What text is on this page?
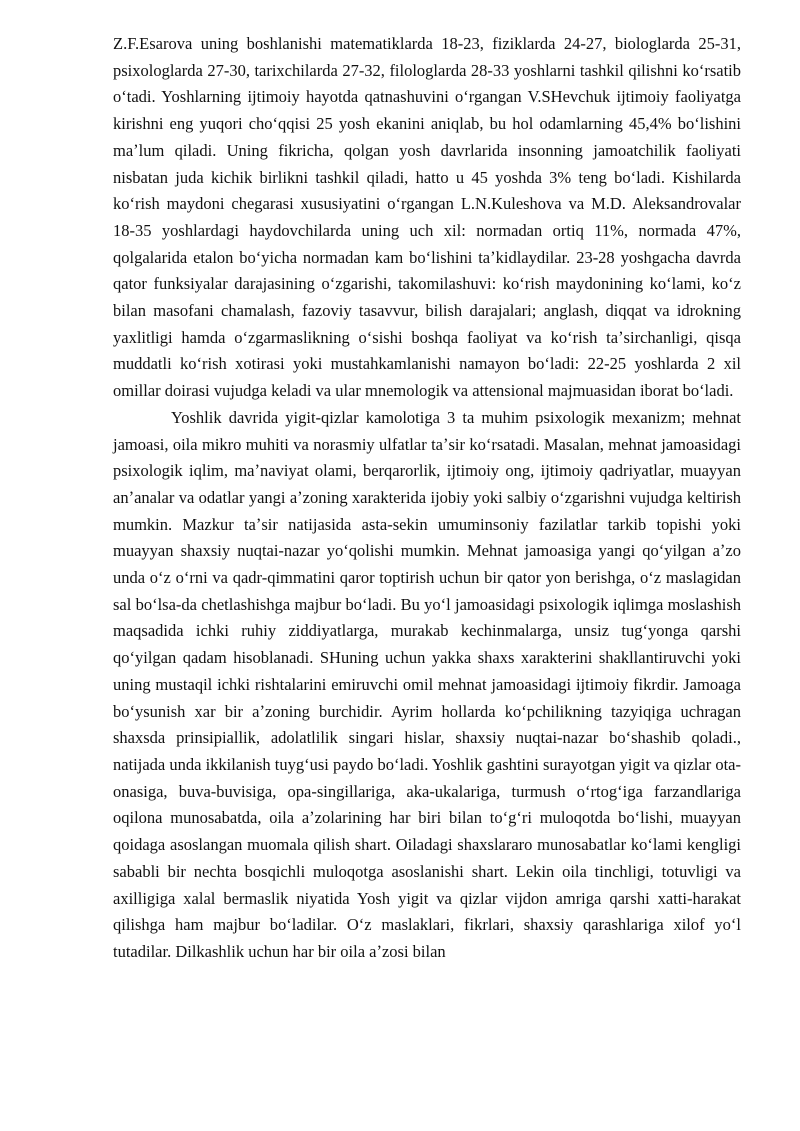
Z.F.Esarova uning boshlanishi matematiklarda 18-23, fiziklarda 24-27, biologlarda 25-31, psixologlarda 27-30, tarixchilarda 27-32, filologlarda 28-33 yoshlarni tashkil qilishni koʻrsatib oʻtadi. Yoshlarning ijtimoiy hayotda qatnashuvini oʻrgangan V.SHevchuk ijtimoiy faoliyatga kirishni eng yuqori choʻqqisi 25 yosh ekanini aniqlab, bu hol odamlarning 45,4% boʻlishini maʼlum qiladi. Uning fikricha, qolgan yosh davrlarida insonning jamoatchilik faoliyati nisbatan juda kichik birlikni tashkil qiladi, hatto u 45 yoshda 3% teng boʻladi. Kishilarda koʻrish maydoni chegarasi xususiyatini oʻrgangan L.N.Kuleshova va M.D. Aleksandrovalar 18-35 yoshlardagi haydovchilarda uning uch xil: normadan ortiq 11%, normada 47%, qolgalarida etalon boʻyicha normadan kam boʻlishini taʼkidlaydilar. 23-28 yoshgacha davrda qator funksiyalar darajasining oʻzgarishi, takomilashuvi: koʻrish maydonining koʻlami, koʻz bilan masofani chamalash, fazoviy tasavvur, bilish darajalari; anglash, diqqat va idrokning yaxlitligi hamda oʻzgarmaslikning oʻsishi boshqa faoliyat va koʻrish taʼsirchanligi, qisqa muddatli koʻrish xotirasi yoki mustahkamlanishi namayon boʻladi: 22-25 yoshlarda 2 xil omillar doirasi vujudga keladi va ular mnemologik va attensional majmuasidan iborat boʻladi.

Yoshlik davrida yigit-qizlar kamolotiga 3 ta muhim psixologik mexanizm; mehnat jamoasi, oila mikro muhiti va norasmiy ulfatlar taʼsir koʻrsatadi. Masalan, mehnat jamoasidagi psixologik iqlim, maʼnaviyat olami, berqarorlik, ijtimoiy ong, ijtimoiy qadriyatlar, muayyan anʼanalar va odatlar yangi aʼzoning xarakterida ijobiy yoki salbiy oʻzgarishni vujudga keltirish mumkin. Mazkur taʼsir natijasida asta-sekin umuminsoniy fazilatlar tarkib topishi yoki muayyan shaxsiy nuqtai-nazar yoʻqolishi mumkin. Mehnat jamoasiga yangi qoʻyilgan aʼzo unda oʻz oʻrni va qadr-qimmatini qaror toptirish uchun bir qator yon berishga, oʻz maslagidan sal boʻlsa-da chetlashishga majbur boʻladi. Bu yoʻl jamoasidagi psixologik iqlimga moslashish maqsadida ichki ruhiy ziddiyatlarga, murakab kechinmalarga, unsiz tugʻyonga qarshi qoʻyilgan qadam hisoblanadi. SHuning uchun yakka shaxs xarakterini shakllantiruvchi yoki uning mustaqil ichki rishtalarini emiruvchi omil mehnat jamoasidagi ijtimoiy fikrdir. Jamoaga boʻysunish xar bir aʼzoning burchidir. Ayrim hollarda koʻpchilikning tazyiqiga uchragan shaxsda prinsipiallik, adolatlilik singari hislar, shaxsiy nuqtai-nazar boʻshashib qoladi., natijada unda ikkilanish tuygʻusi paydo boʻladi. Yoshlik gashtini surayotgan yigit va qizlar ota-onasiga, buva-buvisiga, opa-singillariga, aka-ukalariga, turmush oʻrtogʻiga farzandlariga oqilona munosabatda, oila aʼzolarining har biri bilan toʻgʻri muloqotda boʻlishi, muayyan qoidaga asoslangan muomala qilish shart. Oiladagi shaxslararo munosabatlar koʻlami kengligi sababli bir nechta bosqichli muloqotga asoslanishi shart. Lekin oila tinchligi, totuvligi va axilligiga xalal bermaslik niyatida Yosh yigit va qizlar vijdon amriga qarshi xatti-harakat qilishga ham majbur boʻladilar. Oʻz maslaklari, fikrlari, shaxsiy qarashlariga xilof yoʻl tutadilar. Dilkashlik uchun har bir oila aʼzosi bilan
